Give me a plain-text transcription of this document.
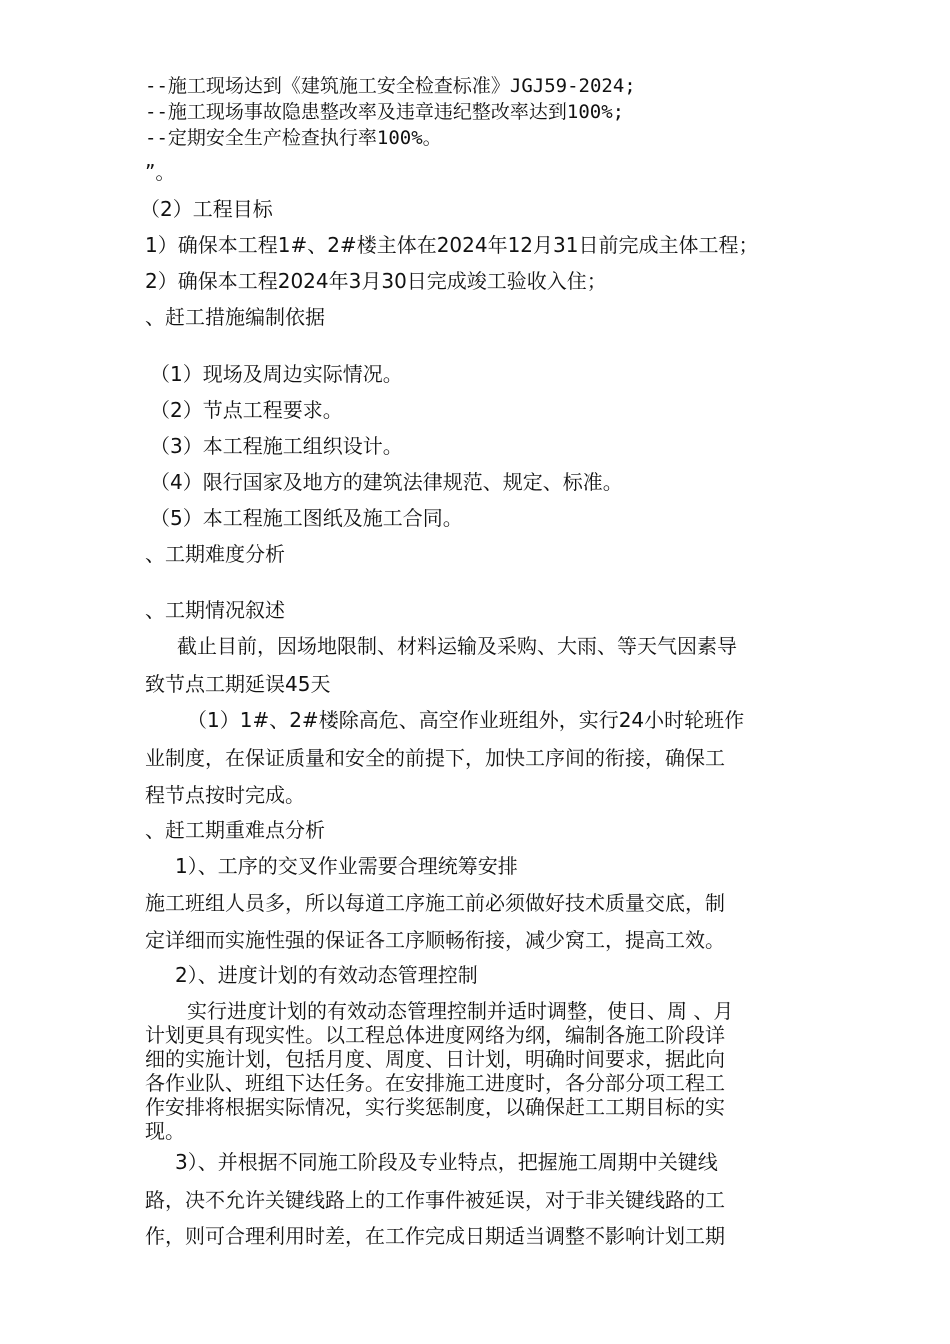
--施工现场达到《建筑施工安全检查标准》JGJ59-2024;
--施工现场事故隐患整改率及违章违纪整改率达到100%;
--定期安全生产检查执行率100%。
”。
（2）工程目标
1）确保本工程1#、2#楼主体在2024年12月31日前完成主体工程；
2）确保本工程2024年3月30日完成竣工验收入住；
、赶工措施编制依据
（1）现场及周边实际情况。
（2）节点工程要求。
（3）本工程施工组织设计。
（4）限行国家及地方的建筑法律规范、规定、标准。
（5）本工程施工图纸及施工合同。
、工期难度分析
、工期情况叙述
截止目前，因场地限制、材料运输及采购、大雨、等天气因素导
致节点工期延误45天
（1）1#、2#楼除高危、高空作业班组外，实行24小时轮班作
业制度，在保证质量和安全的前提下，加快工序间的衔接，确保工
程节点按时完成。
、赶工期重难点分析
1）、工序的交叉作业需要合理统筹安排
施工班组人员多，所以每道工序施工前必须做好技术质量交底，制
定详细而实施性强的保证各工序顺畅衔接，减少窝工，提高工效。
2）、进度计划的有效动态管理控制
实行进度计划的有效动态管理控制并适时调整，使日、周 、月
计划更具有现实性。以工程总体进度网络为纲，编制各施工阶段详
细的实施计划，包括月度、周度、日计划，明确时间要求，据此向
各作业队、班组下达任务。在安排施工进度时，各分部分项工程工
作安排将根据实际情况，实行奖惩制度，以确保赶工工期目标的实
现。
3）、并根据不同施工阶段及专业特点，把握施工周期中关键线
路，决不允许关键线路上的工作事件被延误，对于非关键线路的工
作，则可合理利用时差，在工作完成日期适当调整不影响计划工期
